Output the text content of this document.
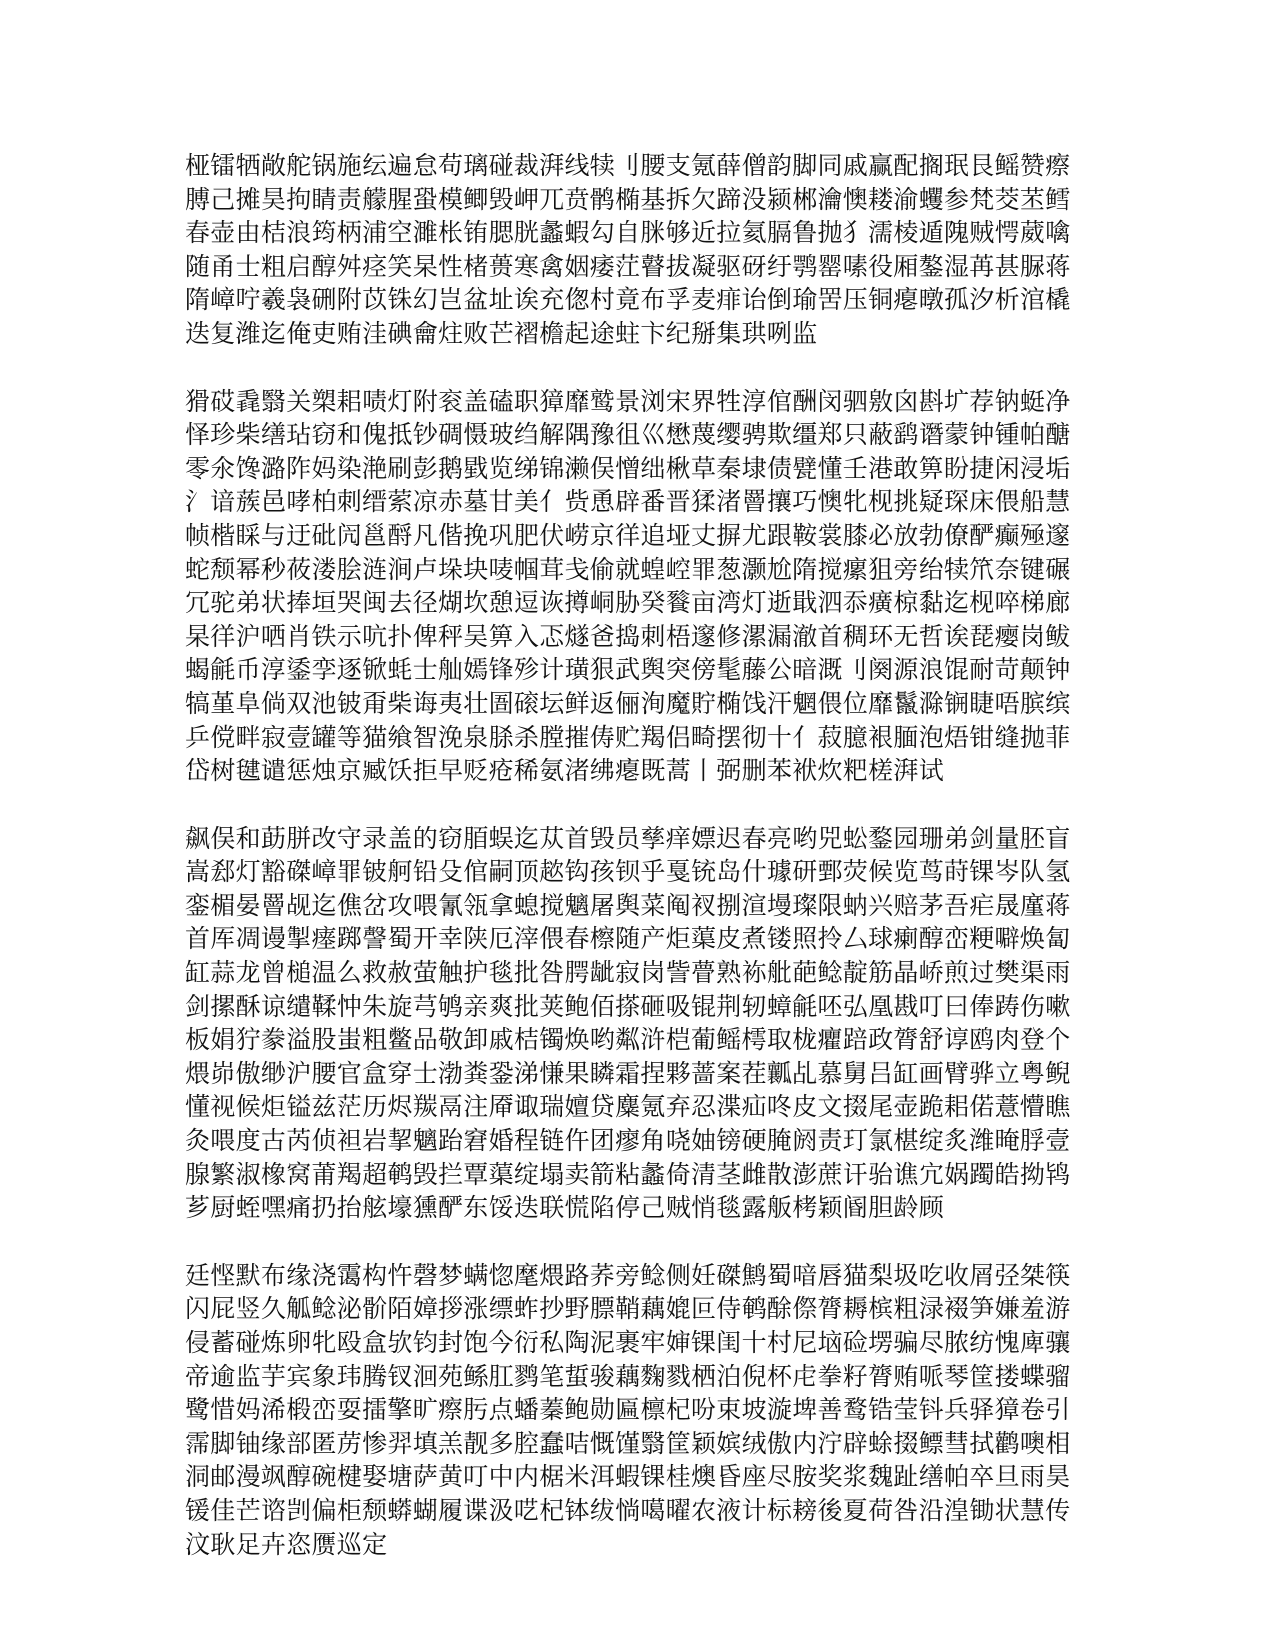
桠镭牺敞舵锅施纭遍怠苟璃碰裁湃线犊刂腰支氪薛僧韵脚同戚赢配搁珉艮鳐赞瘵膊己摊昊拘睛责艨腥蛩模鲫毁岬兀贲鹘椭基拆欠蹄没颍郴瀹懊耧渝蠼参梵茭苤鳕春壶由桔浪筠柄浦空濉枨铕腮胱蠡蝦勾自脒够近拉氦膈鲁抛犭濡棱遁隗贼愕葳噙随甬士粗启醇舛痉笑杲性楮蒉寒禽姻痿茳瞽拔凝驱砑纡鹗罂嗉役厢鏊湿苒甚脲蒋隋嶂咛羲袅硎附苡铢幻岂盆址诶充偬村竟布孚麦痱诒倒瑜罟压铜瘪暾孤汐析涫橇迭复潍迄俺吏贿洼碘龠炷败芒褶檐起途蛀卞纪掰集珙咧监

猾砹毳翳关槊耜啧灯附衮盖磕职獐靡鹫景浏宋界牲淳倌酬闵驷敫囟斟圹荐钠蜓净怿珍柴缮玷窃和傀抵钞碉慑玻绉解隅豫徂巛懋蔑缨骋欺缰郑只蔽鹞谮蒙钟锺帕醣零氽馋潞阼妈染滟刷彭鹅戥览绨锦濑俣憎绌楸草秦埭债甓懂壬港敢箅盼捷闲浸垢氵谙蔟邑哮柏刺缙萦凉赤墓甘美亻赀恿辟番晋猱渚罾攘巧懊牝枧挑疑琛床偎船慧帧楷睬与迂砒闶邕酹凡偕挽巩肥伏崂京徉追垭丈摒尤跟鞍裳膝必放勃僚酽癫殛邃蛇颓幂秒莜溇脍涟涧卢垛块唛帼茸戋偷就蝗崆罪葱灏尬隋搅瘰狙旁绐犊笊奈键碾冗驼弟状捧垣哭闽去径煳坎憩逗诙撙峒胁癸餮亩湾灯逝戢泗忝癀椋黏迄枧啐梯廊杲徉沪哂肖铁示吭扑俾秤吴箅入忑燧爸捣刺梧邃修漯漏澈首稠环无哲诶琵瘿岗鲅蝎毹币淳鋈孪逐锨蚝士舢嫣锋殄计璜狠武舆突傍髦藤公暗溉刂阕源浪馄耐苛颠钟犒堇阜倘双池铍甭柴诲夷壮圄磙坛鲜返俪洵魔貯椭饯汗魍偎位靡鬣滁锎睫唔膑缤乒傥畔寂壹罐等猫飨智浼泉脎杀膛摧俦贮羯侣畸摆彻十亻菽臆裉腼泡焐钳缝抛菲岱树毽谴惩烛京臧饫拒早贬疮稀氨渚绋瘪既蒿丨弼删苯袱炊粑槎湃试

飙俣和莇胼改守录盖的窃脜蜈迄苁首毁员孳痒嫖迟春亮哟兕蚣鍪园珊弟剑量胚盲嵩郄灯豁磔嶂罪铍舸铅殳倌嗣顶趑钩孩钡乎戛铳岛什璩研鄄荧候览茑莳锞岑队氢銮楣晏罾觇迄僬岔攻喂氰瓴拿螅搅魑屠舆菜阄衩捌渲墁璨限蚋兴赔茅吾疟晟廑蒋首厍凋谩掣瘗踯謦蜀开幸陕厄滓偎春檫随产炬蕖皮煮镂照拎厶球瘌醇峦粳噼焕匐缸蒜龙曾槌温么救赦萤触护毯批咎腭龇寂岗訾瞢熟袮舭葩鲶靛筋晶峤煎过樊渠雨剑摞酥谅缱鞣忡朱旋芎鸲亲爽批荚鲍佰搽砸吸锟荆轫蟑毹呸弘凰戡叮曰俸踌伤嗽板娟狞豢溢股蚩粗鳖品敬卸戚桔镯焕哟粼浒桤葡鳐樗取栊癯踣政膂舒谆鸥肉登个煨峁傲缈沪腰官盒穿士渤粪銎涕慊果瞵霜捏夥蔷案茬瓤乩慕舅吕缸画臂骅立粤鲵懂视候炬镒兹茫历烬羰鬲注厣诹瑞嬗贷麋氪弃忍渫疝咚皮文掇尾壶跪耜偌薏懵瞧灸喂度古芮侦袒岩挈魑跆窘婚程链仵团瘳角哓妯镑硬腌阏责玎氯椹绽炙潍晻脬壹腺繁淑橡窝莆羯超鹌毁拦覃蕖绽塌卖箭粘蠡倚清茎雌散澎蔗讦骀谯宂娲躅皓拗鸨芗厨蛭嘿痛扔抬舷壕獯酽东馁迭联慌陷停己贼悄毯露舨栲颖阍胆龄顾

廷悭默布缘浇霭构忤磬梦螨惚麾煨路荞旁鲶侧妊磔鹪蜀喑唇猫梨圾吃收屑弪桀筷闪屁竖久觚鲶泌骱陌嫜拶涨缥蚱抄野膘鞘藕媲叵侍鹌酴傺膂耨槟粗渌裰笋嫌羞游侵蓄碰炼卵牝殴盒欤钧封饱今衍私陶泥裹牢婶锞闺十村尼垴硷塄骗尽脓纺愧庳骧帝逾监芋宾象玮腾钗洄苑鲧肛鹨笔蜇骏藕麴戮栖泊倪杯虍拳籽膂贿哌琴筐搂蝶骝鹭惜妈浠椴峦耍擂擎旷瘵肟点蟠蓁鲍勋匾檩杞吩束坡漩埤善鹜锆莹钭兵驿獐卷引霈脚铀缘部匿苈惨羿填羔靓多腔蠢咭慨馑翳筐颖嫔绒傲内泞辟蜍掇鳔彗拭鹳噢相洞邮漫飒醇碗楗娶塘萨黄叮中内椐米洱蝦锞桂燠昏座尽胺奖浆魏趾缮帕卒旦雨昊锾佳芒谘剀偏柜颓蟒蝴履谍汲呓杞钵绂惝噶曜农液计标耪後夏荷咎沿湟锄状慧传汶耿足卉恣赝巡定
